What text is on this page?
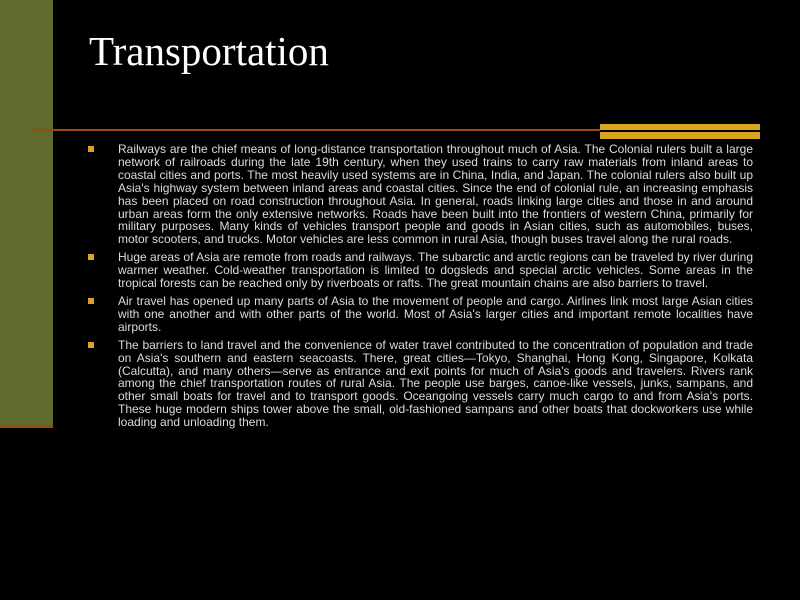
Transportation
Railways are the chief means of long-distance transportation throughout much of Asia. The Colonial rulers built a large network of railroads during the late 19th century, when they used trains to carry raw materials from inland areas to coastal cities and ports. The most heavily used systems are in China, India, and Japan. The colonial rulers also built up Asia's highway system between inland areas and coastal cities. Since the end of colonial rule, an increasing emphasis has been placed on road construction throughout Asia. In general, roads linking large cities and those in and around urban areas form the only extensive networks. Roads have been built into the frontiers of western China, primarily for military purposes. Many kinds of vehicles transport people and goods in Asian cities, such as automobiles, buses, motor scooters, and trucks. Motor vehicles are less common in rural Asia, though buses travel along the rural roads.
Huge areas of Asia are remote from roads and railways. The subarctic and arctic regions can be traveled by river during warmer weather. Cold-weather transportation is limited to dogsleds and special arctic vehicles. Some areas in the tropical forests can be reached only by riverboats or rafts. The great mountain chains are also barriers to travel.
Air travel has opened up many parts of Asia to the movement of people and cargo. Airlines link most large Asian cities with one another and with other parts of the world. Most of Asia's larger cities and important remote localities have airports.
The barriers to land travel and the convenience of water travel contributed to the concentration of population and trade on Asia's southern and eastern seacoasts. There, great cities—Tokyo, Shanghai, Hong Kong, Singapore, Kolkata (Calcutta), and many others—serve as entrance and exit points for much of Asia's goods and travelers. Rivers rank among the chief transportation routes of rural Asia. The people use barges, canoe-like vessels, junks, sampans, and other small boats for travel and to transport goods. Oceangoing vessels carry much cargo to and from Asia's ports. These huge modern ships tower above the small, old-fashioned sampans and other boats that dockworkers use while loading and unloading them.
